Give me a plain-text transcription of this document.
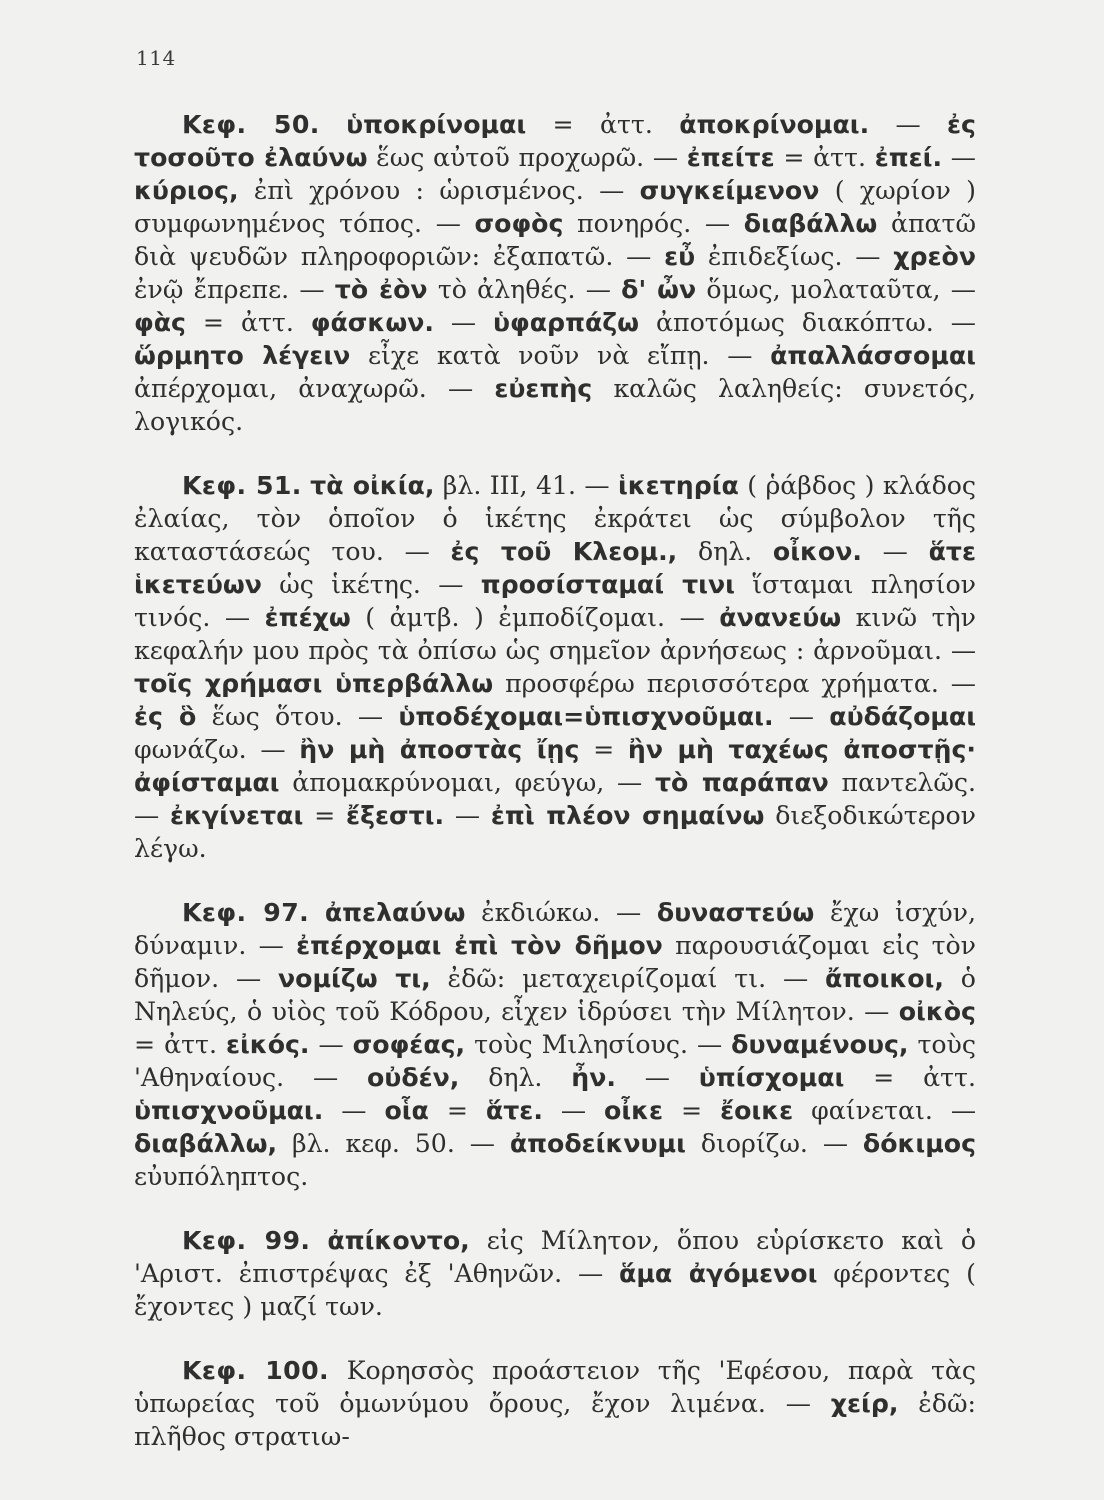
114

Κεφ. 50. ὑποκρίνομαι = ἀττ. ἀποκρίνομαι. — ἐς τοσοῦτο ἐλαύνω ἕως αὐτοῦ προχωρῶ. — ἐπείτε = ἀττ. ἐπεί. — κύριος, ἐπὶ χρόνου : ὡρισμένος. — συγκείμενον ( χωρίον ) συμφωνημένος τόπος. — σοφὸς πονηρός. — διαβάλλω ἀπατῶ διὰ ψευδῶν πληροφοριῶν: ἐξαπατῶ. — εὖ ἐπιδεξίως. — χρεὸν ἐνῷ ἔπρεπε. — τὸ ἐὸν τὸ ἀληθές. — δ' ὦν ὅμως, μολαταῦτα, — φὰς = ἀττ. φάσκων. — ὑφαρπάζω ἀποτόμως διακόπτω. — ὥρμητο λέγειν εἶχε κατὰ νοῦν νὰ εἴπῃ. — ἀπαλλάσσομαι ἀπέρχομαι, ἀναχωρῶ. — εὐεπὴς καλῶς λαληθείς: συνετός, λογικός.

Κεφ. 51. τὰ οἰκία, βλ. III, 41. — ἱκετηρία ( ῥάβδος ) κλάδος ἐλαίας, τὸν ὁποῖον ὁ ἱκέτης ἐκράτει ὡς σύμβολον τῆς καταστάσεώς του. — ἐς τοῦ Κλεομ., δηλ. οἶκον. — ἅτε ἱκετεύων ὡς ἱκέτης. — προσίσταμαί τινι ἵσταμαι πλησίον τινός. — ἐπέχω ( ἀμτβ. ) ἐμποδίζομαι. — ἀνανεύω κινῶ τὴν κεφαλήν μου πρὸς τὰ ὀπίσω ὡς σημεῖον ἀρνήσεως : ἀρνοῦμαι. — τοῖς χρήμασι ὑπερβάλλω προσφέρω περισσότερα χρήματα. — ἐς ὃ ἕως ὅτου. — ὑποδέχομαι=ὑπισχνοῦμαι. — αὐδάζομαι φωνάζω. — ἢν μὴ ἀποστὰς ἴῃς = ἢν μὴ ταχέως ἀποστῇς· ἀφίσταμαι ἀπομακρύνομαι, φεύγω, — τὸ παράπαν παντελῶς. — ἐκγίνεται = ἔξεστι. — ἐπὶ πλέον σημαίνω διεξοδικώτερον λέγω.

Κεφ. 97. ἀπελαύνω ἐκδιώκω. — δυναστεύω ἔχω ἰσχύν, δύναμιν. — ἐπέρχομαι ἐπὶ τὸν δῆμον παρουσιάζομαι εἰς τὸν δῆμον. — νομίζω τι, ἐδῶ: μεταχειρίζομαί τι. — ἄποικοι, ὁ Νηλεύς, ὁ υἱὸς τοῦ Κόδρου, εἶχεν ἱδρύσει τὴν Μίλητον. — οἰκὸς = ἀττ. εἰκός. — σοφέας, τοὺς Μιλησίους. — δυναμένους, τοὺς 'Αθηναίους. — οὐδέν, δηλ. ἦν. — ὑπίσχομαι = ἀττ. ὑπισχνοῦμαι. — οἷα = ἅτε. — οἶκε = ἔοικε φαίνεται. — διαβάλλω, βλ. κεφ. 50. — ἀποδείκνυμι διορίζω. — δόκιμος εὐυπόληπτος.

Κεφ. 99. ἀπίκοντο, εἰς Μίλητον, ὅπου εὑρίσκετο καὶ ὁ 'Αριστ. ἐπιστρέψας ἐξ 'Αθηνῶν. — ἅμα ἀγόμενοι φέροντες ( ἔχοντες ) μαζί των.

Κεφ. 100. Κορησσὸς προάστειον τῆς 'Εφέσου, παρὰ τὰς ὑπωρείας τοῦ ὁμωνύμου ὄρους, ἔχον λιμένα. — χείρ, ἐδῶ: πλῆθος στρατιω-
